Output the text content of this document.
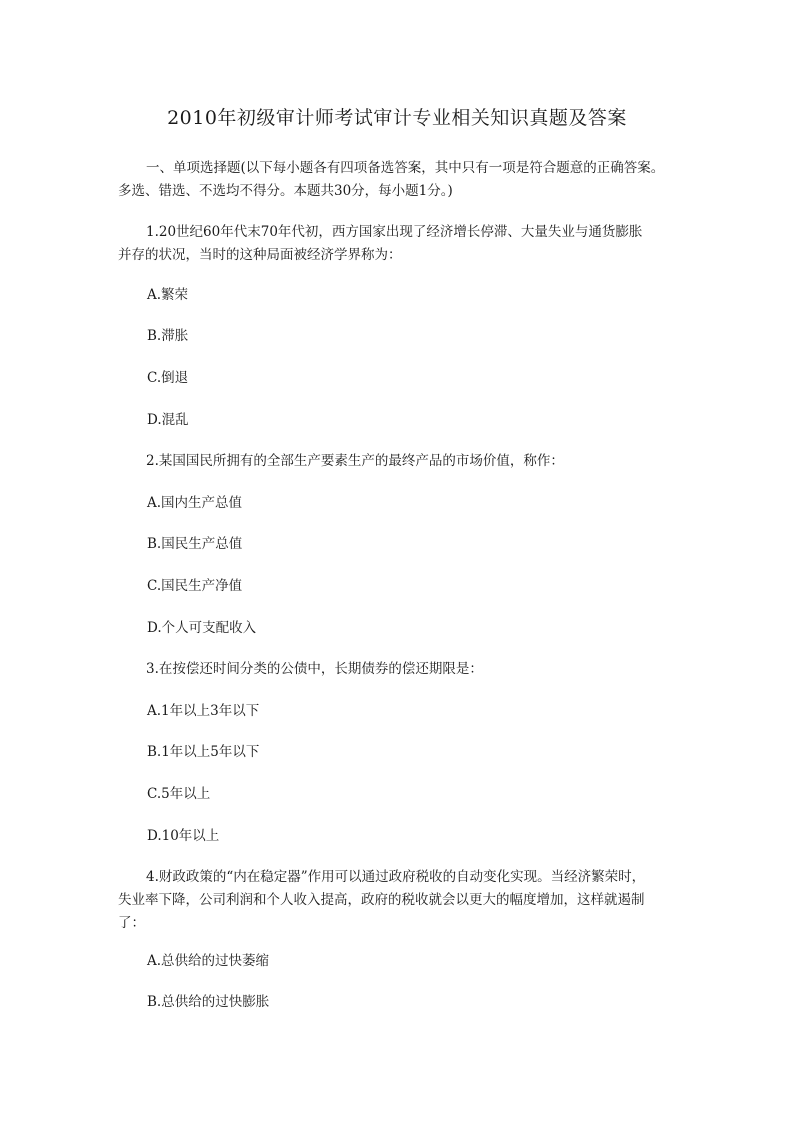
2010年初级审计师考试审计专业相关知识真题及答案
一、单项选择题(以下每小题各有四项备选答案，其中只有一项是符合题意的正确答案。
多选、错选、不选均不得分。本题共30分，每小题1分。)
1.20世纪60年代末70年代初，西方国家出现了经济增长停滞、大量失业与通货膨胀
并存的状况，当时的这种局面被经济学界称为：
A.繁荣
B.滞胀
C.倒退
D.混乱
2.某国国民所拥有的全部生产要素生产的最终产品的市场价值，称作：
A.国内生产总值
B.国民生产总值
C.国民生产净值
D.个人可支配收入
3.在按偿还时间分类的公债中，长期债券的偿还期限是：
A.1年以上3年以下
B.1年以上5年以下
C.5年以上
D.10年以上
4.财政政策的“内在稳定器”作用可以通过政府税收的自动变化实现。当经济繁荣时，
失业率下降，公司利润和个人收入提高，政府的税收就会以更大的幅度增加，这样就遏制
了：
A.总供给的过快萎缩
B.总供给的过快膨胀
